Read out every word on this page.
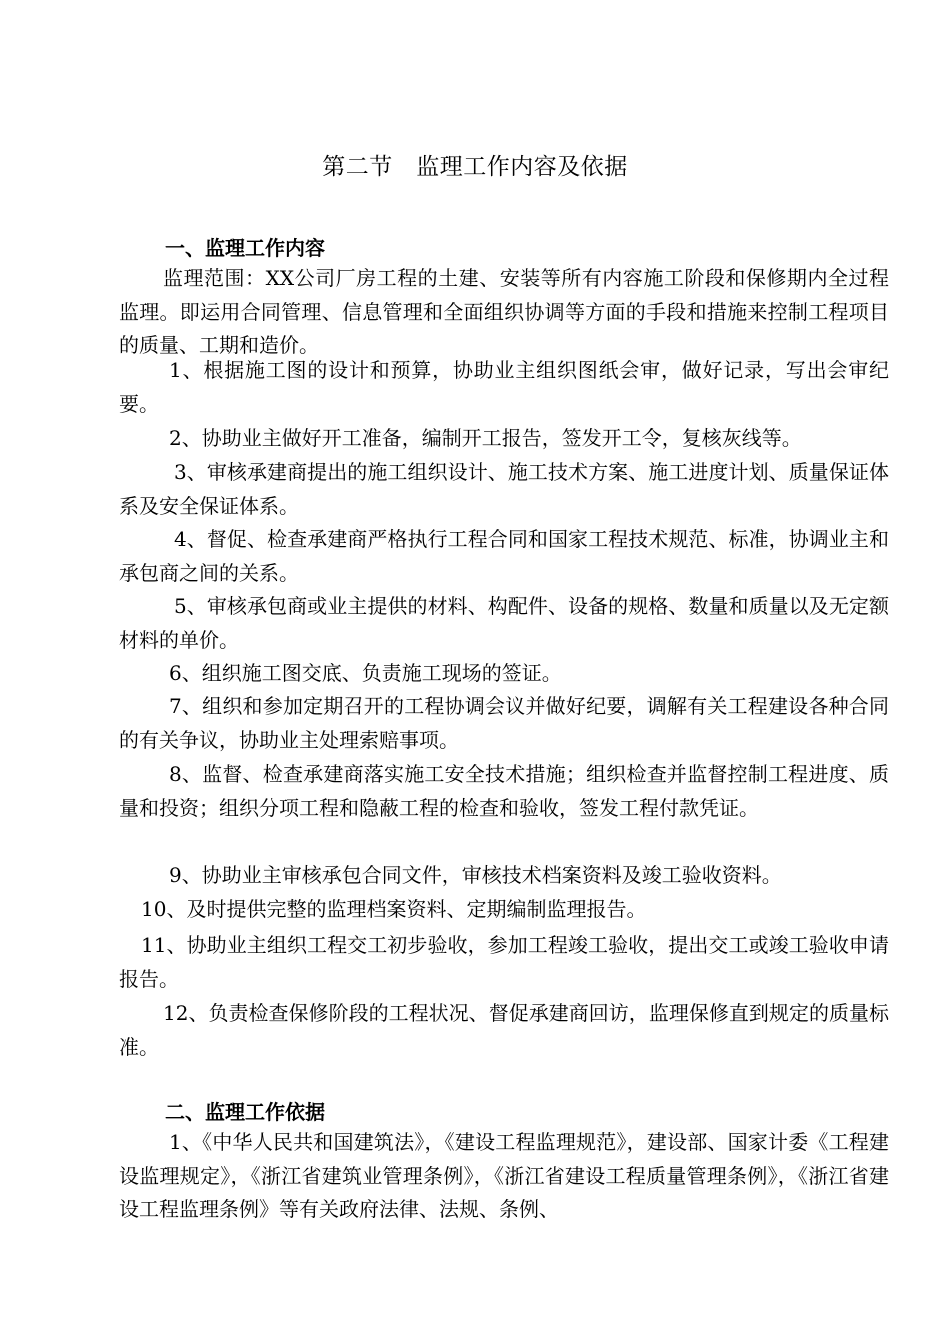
第二节　监理工作内容及依据
一、监理工作内容

监理范围：XX公司厂房工程的土建、安装等所有内容施工阶段和保修期内全过程监理。即运用合同管理、信息管理和全面组织协调等方面的手段和措施来控制工程项目的质量、工期和造价。

1、根据施工图的设计和预算，协助业主组织图纸会审，做好记录，写出会审纪要。

2、协助业主做好开工准备，编制开工报告，签发开工令，复核灰线等。

3、审核承建商提出的施工组织设计、施工技术方案、施工进度计划、质量保证体系及安全保证体系。

4、督促、检查承建商严格执行工程合同和国家工程技术规范、标准，协调业主和承包商之间的关系。

5、审核承包商或业主提供的材料、构配件、设备的规格、数量和质量以及无定额材料的单价。

6、组织施工图交底、负责施工现场的签证。

7、组织和参加定期召开的工程协调会议并做好纪要，调解有关工程建设各种合同的有关争议，协助业主处理索赔事项。

8、监督、检查承建商落实施工安全技术措施；组织检查并监督控制工程进度、质量和投资；组织分项工程和隐蔽工程的检查和验收，签发工程付款凭证。

9、协助业主审核承包合同文件，审核技术档案资料及竣工验收资料。

10、及时提供完整的监理档案资料、定期编制监理报告。

11、协助业主组织工程交工初步验收，参加工程竣工验收，提出交工或竣工验收申请报告。

12、负责检查保修阶段的工程状况、督促承建商回访，监理保修直到规定的质量标准。

二、监理工作依据

1、《中华人民共和国建筑法》，《建设工程监理规范》，建设部、国家计委《工程建设监理规定》，《浙江省建筑业管理条例》，《浙江省建设工程质量管理条例》，《浙江省建设工程监理条例》等有关政府法律、法规、条例、
